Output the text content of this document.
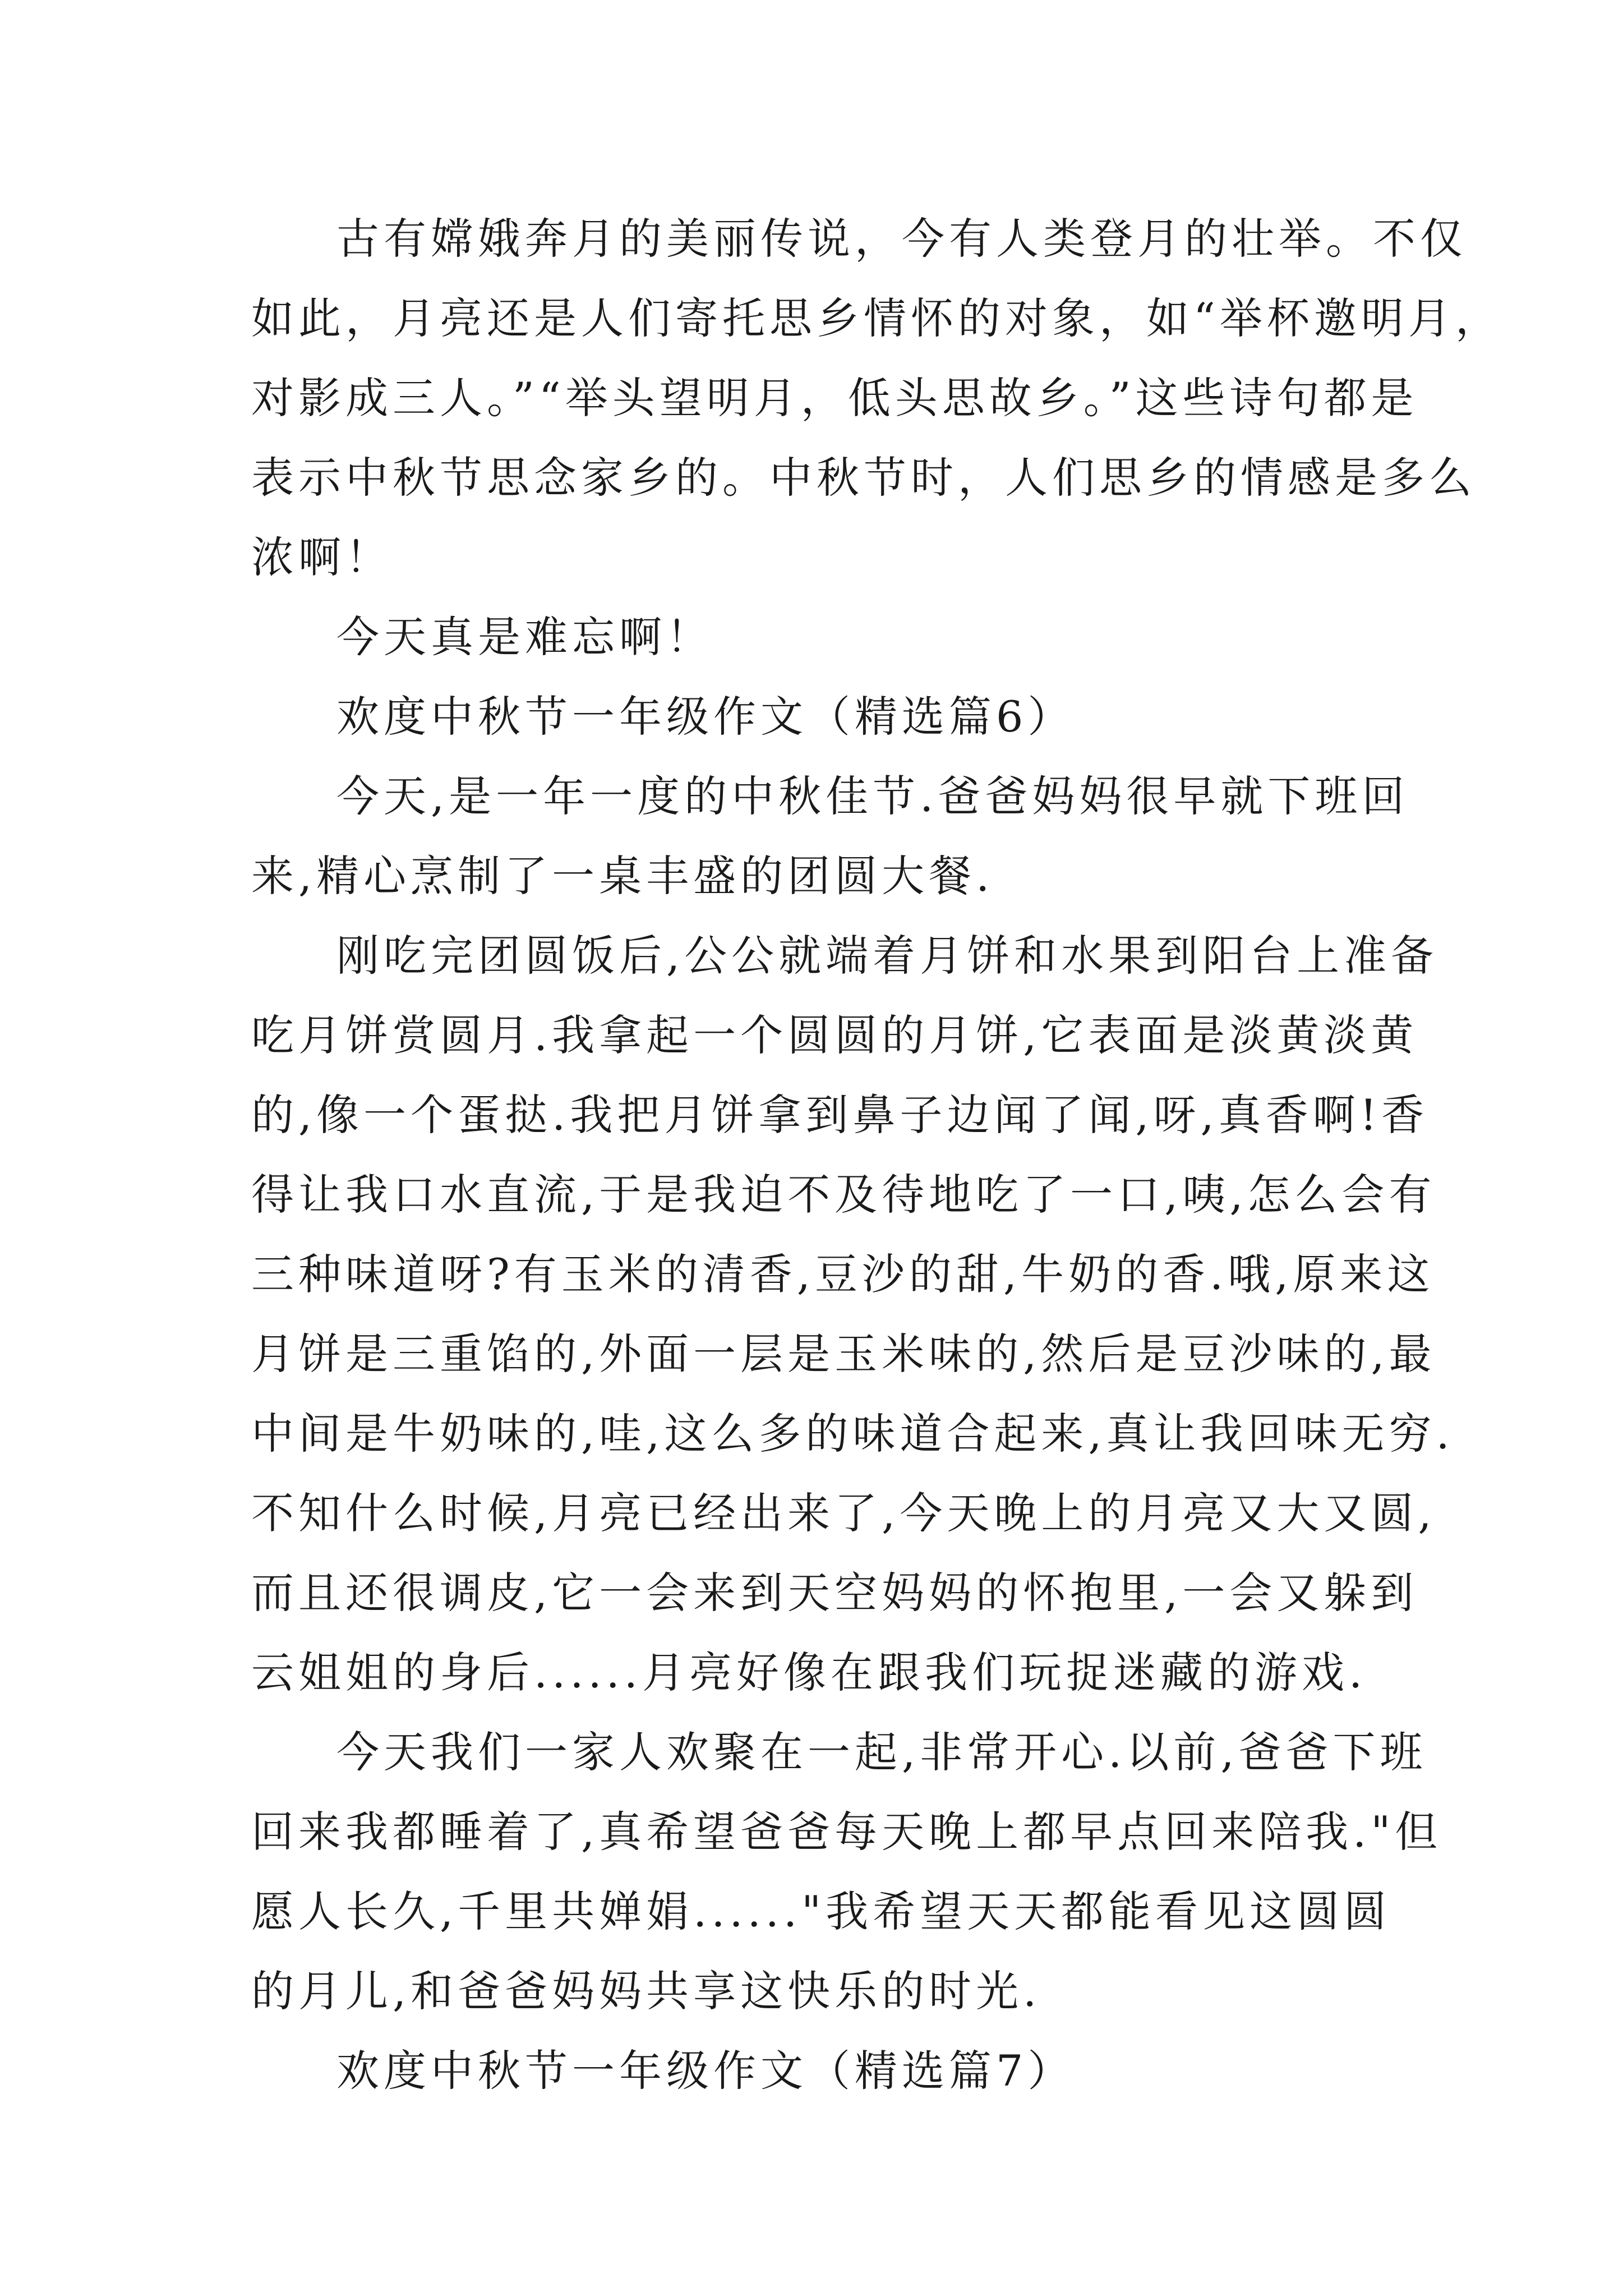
古有嫦娥奔月的美丽传说，今有人类登月的壮举。不仅
如此，月亮还是人们寄托思乡情怀的对象，如“举杯邀明月，
对影成三人。”“举头望明月，低头思故乡。”这些诗句都是
表示中秋节思念家乡的。中秋节时，人们思乡的情感是多么
浓啊！
今天真是难忘啊！
欢度中秋节一年级作文（精选篇6）
今天,是一年一度的中秋佳节.爸爸妈妈很早就下班回
来,精心烹制了一桌丰盛的团圆大餐.
刚吃完团圆饭后,公公就端着月饼和水果到阳台上准备
吃月饼赏圆月.我拿起一个圆圆的月饼,它表面是淡黄淡黄
的,像一个蛋挞.我把月饼拿到鼻子边闻了闻,呀,真香啊!香
得让我口水直流,于是我迫不及待地吃了一口,咦,怎么会有
三种味道呀?有玉米的清香,豆沙的甜,牛奶的香.哦,原来这
月饼是三重馅的,外面一层是玉米味的,然后是豆沙味的,最
中间是牛奶味的,哇,这么多的味道合起来,真让我回味无穷.
不知什么时候,月亮已经出来了,今天晚上的月亮又大又圆,
而且还很调皮,它一会来到天空妈妈的怀抱里,一会又躲到
云姐姐的身后......月亮好像在跟我们玩捉迷藏的游戏.
今天我们一家人欢聚在一起,非常开心.以前,爸爸下班
回来我都睡着了,真希望爸爸每天晚上都早点回来陪我."但
愿人长久,千里共婵娟......"我希望天天都能看见这圆圆
的月儿,和爸爸妈妈共享这快乐的时光.
欢度中秋节一年级作文（精选篇7）
